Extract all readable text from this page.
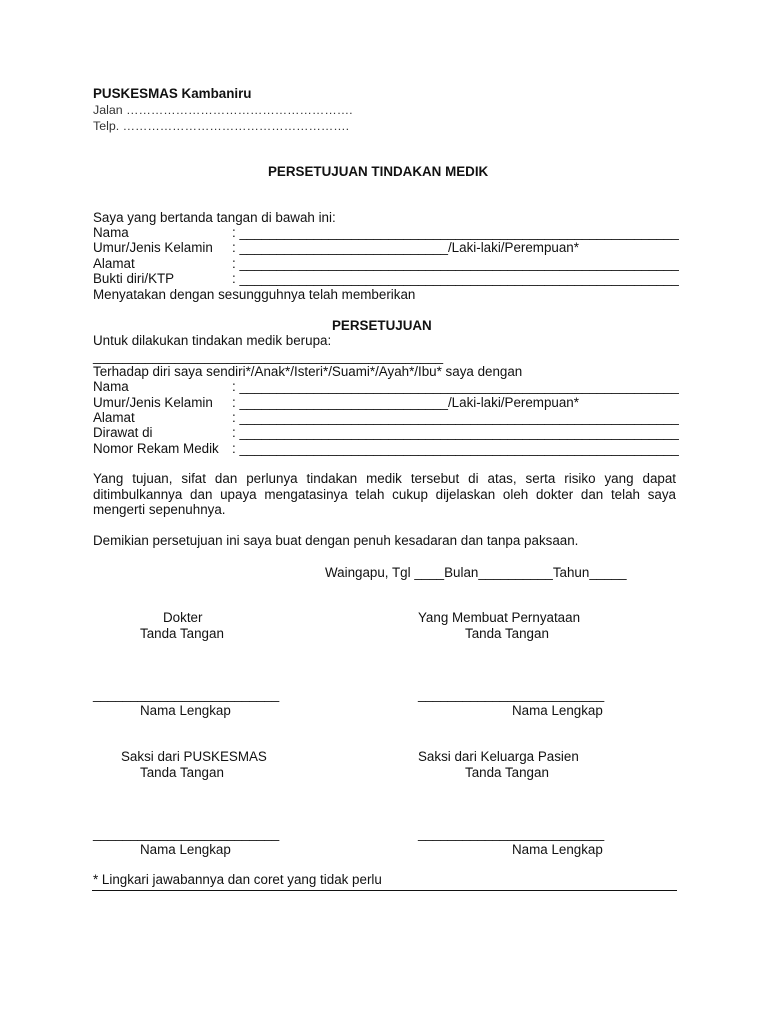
PUSKESMAS Kambaniru
Jalan ……………………………………………….
Telp. ……………………………………………….
PERSETUJUAN TINDAKAN MEDIK
Saya yang bertanda tangan di bawah ini:
Nama	: ___________________________________________________________
Umur/Jenis Kelamin : ____________________________/Laki-laki/Perempuan*
Alamat	: ___________________________________________________________
Bukti diri/KTP	: ___________________________________________________________
Menyatakan dengan sesungguhnya telah memberikan
PERSETUJUAN
Untuk dilakukan tindakan medik berupa:
_______________________________________________
Terhadap diri saya sendiri*/Anak*/Isteri*/Suami*/Ayah*/Ibu* saya dengan
Nama	: ___________________________________________________________
Umur/Jenis Kelamin : ____________________________/Laki-laki/Perempuan*
Alamat	: ___________________________________________________________
Dirawat di	: ___________________________________________________________
Nomor Rekam Medik : ___________________________________________________________
Yang tujuan, sifat dan perlunya tindakan medik tersebut di atas, serta risiko yang dapat ditimbulkannya dan upaya mengatasinya telah cukup dijelaskan oleh dokter dan telah saya mengerti sepenuhnya.
Demikian persetujuan ini saya buat dengan penuh kesadaran dan tanpa paksaan.
Waingapu, Tgl ____Bulan__________Tahun_____
Dokter
Tanda Tangan
_________________________
Nama Lengkap
Yang Membuat Pernyataan
Tanda Tangan
_________________________
Nama Lengkap
Saksi dari PUSKESMAS
Tanda Tangan
_________________________
Nama Lengkap
Saksi dari Keluarga Pasien
Tanda Tangan
_________________________
Nama Lengkap
* Lingkari jawabannya dan coret yang tidak perlu
